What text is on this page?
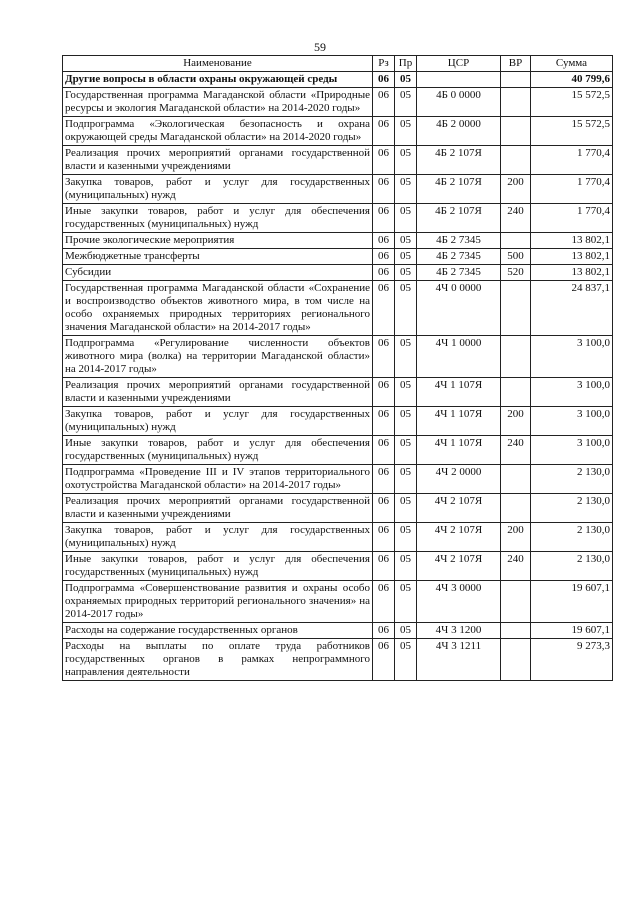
59
Наименование	Рз	Пр	ЦСР	ВР	Сумма
Другие вопросы в области охраны окружающей среды	06	05			40 799,6
Государственная программа Магаданской области «Природные ресурсы и экология Магаданской области» на 2014-2020 годы»	06	05	4Б 0 0000		15 572,5
Подпрограмма «Экологическая безопасность и охрана окружающей среды Магаданской области» на 2014-2020 годы»	06	05	4Б 2 0000		15 572,5
Реализация прочих мероприятий органами государственной власти и казенными учреждениями	06	05	4Б 2 107Я		1 770,4
Закупка товаров, работ и услуг для государственных (муниципальных) нужд	06	05	4Б 2 107Я	200	1 770,4
Иные закупки товаров, работ и услуг для обеспечения государственных (муниципальных) нужд	06	05	4Б 2 107Я	240	1 770,4
Прочие экологические мероприятия	06	05	4Б 2 7345		13 802,1
Межбюджетные трансферты	06	05	4Б 2 7345	500	13 802,1
Субсидии	06	05	4Б 2 7345	520	13 802,1
Государственная программа Магаданской области «Сохранение и воспроизводство объектов животного мира, в том числе на особо охраняемых природных территориях регионального значения Магаданской области» на 2014-2017 годы»	06	05	4Ч 0 0000		24 837,1
Подпрограмма «Регулирование численности объектов животного мира (волка) на территории Магаданской области» на 2014-2017 годы»	06	05	4Ч 1 0000		3 100,0
Реализация прочих мероприятий органами государственной власти и казенными учреждениями	06	05	4Ч 1 107Я		3 100,0
Закупка товаров, работ и услуг для государственных (муниципальных) нужд	06	05	4Ч 1 107Я	200	3 100,0
Иные закупки товаров, работ и услуг для обеспечения государственных (муниципальных) нужд	06	05	4Ч 1 107Я	240	3 100,0
Подпрограмма «Проведение III и IV этапов территориального охотустройства Магаданской области» на 2014-2017 годы»	06	05	4Ч 2 0000		2 130,0
Реализация прочих мероприятий органами государственной власти и казенными учреждениями	06	05	4Ч 2 107Я		2 130,0
Закупка товаров, работ и услуг для государственных (муниципальных) нужд	06	05	4Ч 2 107Я	200	2 130,0
Иные закупки товаров, работ и услуг для обеспечения государственных (муниципальных) нужд	06	05	4Ч 2 107Я	240	2 130,0
Подпрограмма «Совершенствование развития и охраны особо охраняемых природных территорий регионального значения» на 2014-2017 годы»	06	05	4Ч 3 0000		19 607,1
Расходы на содержание государственных органов	06	05	4Ч 3 1200		19 607,1
Расходы на выплаты по оплате труда работников государственных органов в рамках непрограммного направления деятельности	06	05	4Ч 3 1211		9 273,3
